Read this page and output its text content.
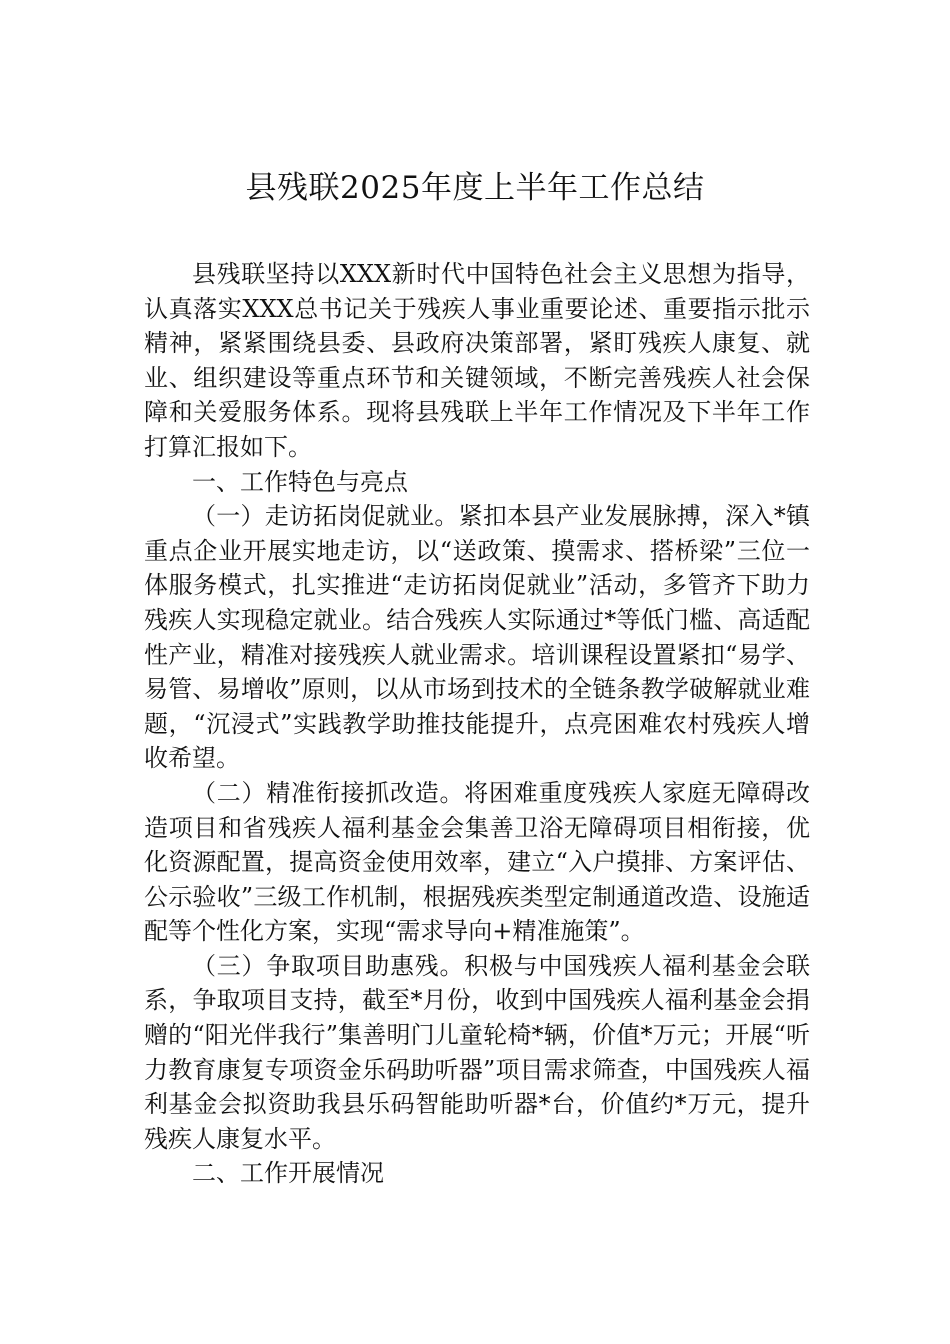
县残联2025年度上半年工作总结

县残联坚持以XXX新时代中国特色社会主义思想为指导，认真落实XXX总书记关于残疾人事业重要论述、重要指示批示精神，紧紧围绕县委、县政府决策部署，紧盯残疾人康复、就业、组织建设等重点环节和关键领域，不断完善残疾人社会保障和关爱服务体系。现将县残联上半年工作情况及下半年工作打算汇报如下。

一、工作特色与亮点

（一）走访拓岗促就业。紧扣本县产业发展脉搏，深入*镇重点企业开展实地走访，以“送政策、摸需求、搭桥梁”三位一体服务模式，扎实推进“走访拓岗促就业”活动，多管齐下助力残疾人实现稳定就业。结合残疾人实际通过*等低门槛、高适配性产业，精准对接残疾人就业需求。培训课程设置紧扣“易学、易管、易增收”原则，以从市场到技术的全链条教学破解就业难题，“沉浸式”实践教学助推技能提升，点亮困难农村残疾人增收希望。

（二）精准衔接抓改造。将困难重度残疾人家庭无障碍改造项目和省残疾人福利基金会集善卫浴无障碍项目相衔接，优化资源配置，提高资金使用效率，建立“入户摸排、方案评估、公示验收”三级工作机制，根据残疾类型定制通道改造、设施适配等个性化方案，实现“需求导向+精准施策”。

（三）争取项目助惠残。积极与中国残疾人福利基金会联系，争取项目支持，截至*月份，收到中国残疾人福利基金会捐赠的“阳光伴我行”集善明门儿童轮椅*辆，价值*万元；开展“听力教育康复专项资金乐码助听器”项目需求筛查，中国残疾人福利基金会拟资助我县乐码智能助听器*台，价值约*万元，提升残疾人康复水平。

二、工作开展情况
